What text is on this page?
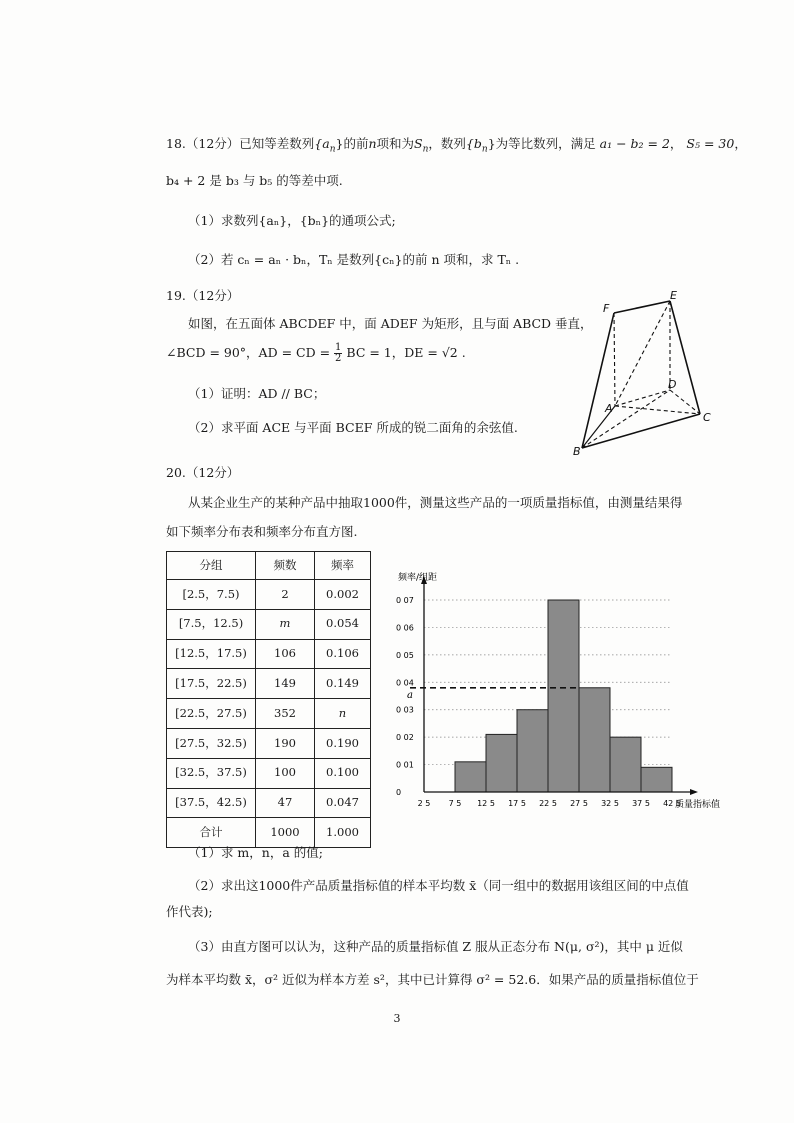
18.（12分）已知等差数列$\{a_n\}$的前n项和为$S_n$，数列$\{b_n\}$为等比数列，满足 a₁ − b₂ = 2， S₅ = 30，
b₄ + 2 是 b₃ 与 b₅ 的等差中项.
（1）求数列{aₙ}，{bₙ}的通项公式;
（2）若 cₙ = aₙ · bₙ，Tₙ 是数列{cₙ}的前 n 项和，求 Tₙ .
19.（12分）
如图，在五面体 ABCDEF 中，面 ADEF 为矩形，且与面 ABCD 垂直，
∠BCD = 90°，AD = CD = $\frac{1}{2}$ BC = 1，DE = √2 .
（1）证明：AD // BC；
（2）求平面 ACE 与平面 BCEF 所成的锐二面角的余弦值.
F
E
D
A
C
B
20.（12分）
从某企业生产的某种产品中抽取1000件，测量这些产品的一项质量指标值，由测量结果得
如下频率分布表和频率分布直方图.
分组	频数	频率
[2.5，7.5)	2	0.002
[7.5，12.5)	m	0.054
[12.5，17.5)	106	0.106
[17.5，22.5)	149	0.149
[22.5，27.5)	352	n
[27.5，32.5)	190	0.190
[32.5，37.5)	100	0.100
[37.5，42.5)	47	0.047
合计	1000	1.000
a
0
0 01
0 02
0 03
0 04
0 05
0 06
0 07
2 5 7 5 12 5 17 5 22 5 27 5 32 5 37 5 42 5
频率/组距
质量指标值
（1）求 m，n，a 的值;
（2）求出这1000件产品质量指标值的样本平均数 x̄（同一组中的数据用该组区间的中点值
作代表);
（3）由直方图可以认为，这种产品的质量指标值 Z 服从正态分布 N(μ, σ²)，其中 μ 近似
为样本平均数 x̄，σ² 近似为样本方差 s²，其中已计算得 σ² = 52.6．如果产品的质量指标值位于
3
